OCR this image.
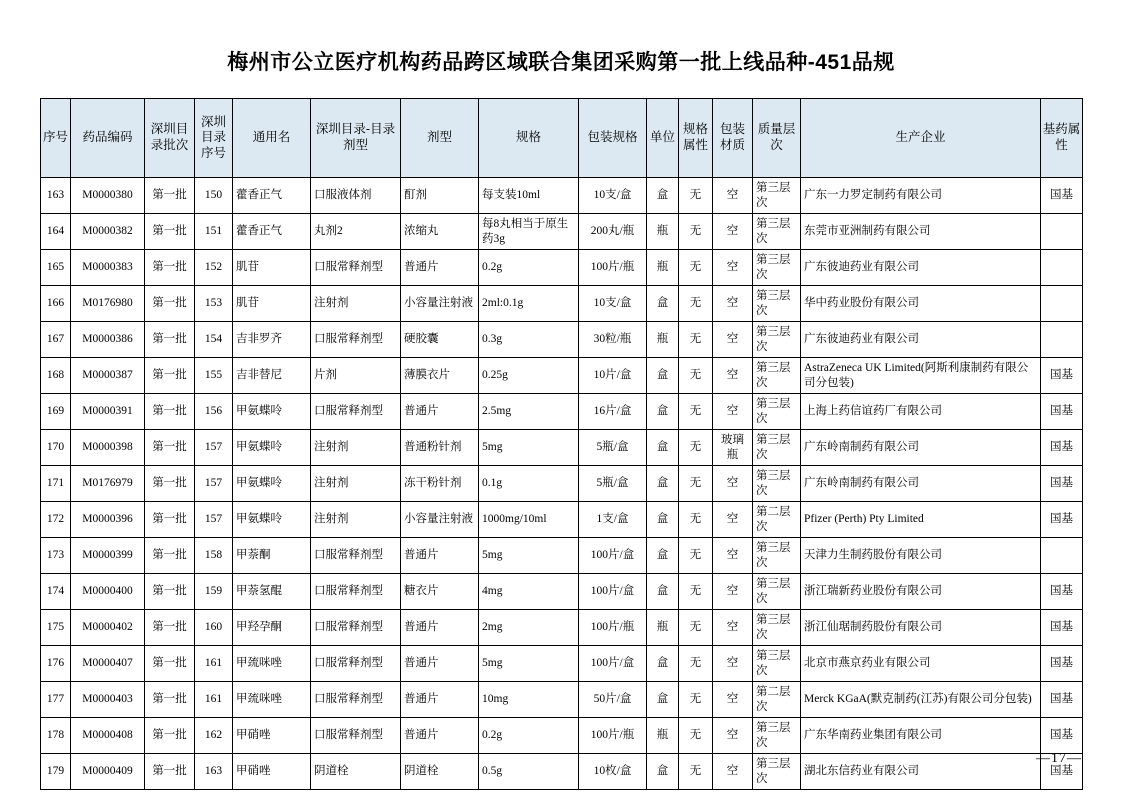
梅州市公立医疗机构药品跨区域联合集团采购第一批上线品种-451品规
序号	药品编码	深圳目录批次	深圳目录序号	通用名	深圳目录-目录剂型	剂型	规格	包装规格	单位	规格属性	包装材质	质量层次	生产企业	基药属性
163	M0000380	第一批	150	藿香正气	口服液体剂	酊剂	每支装10ml	10支/盒	盒	无	空	第三层次	广东一力罗定制药有限公司	国基
164	M0000382	第一批	151	藿香正气	丸剂2	浓缩丸	每8丸相当于原生药3g	200丸/瓶	瓶	无	空	第三层次	东莞市亚洲制药有限公司	
165	M0000383	第一批	152	肌苷	口服常释剂型	普通片	0.2g	100片/瓶	瓶	无	空	第三层次	广东彼迪药业有限公司	
166	M0176980	第一批	153	肌苷	注射剂	小容量注射液	2ml:0.1g	10支/盒	盒	无	空	第三层次	华中药业股份有限公司	
167	M0000386	第一批	154	吉非罗齐	口服常释剂型	硬胶囊	0.3g	30粒/瓶	瓶	无	空	第三层次	广东彼迪药业有限公司	
168	M0000387	第一批	155	吉非替尼	片剂	薄膜衣片	0.25g	10片/盒	盒	无	空	第三层次	AstraZeneca UK Limited(阿斯利康制药有限公司分包装)	国基
169	M0000391	第一批	156	甲氨蝶呤	口服常释剂型	普通片	2.5mg	16片/盒	盒	无	空	第三层次	上海上药信谊药厂有限公司	国基
170	M0000398	第一批	157	甲氨蝶呤	注射剂	普通粉针剂	5mg	5瓶/盒	盒	无	玻璃瓶	第三层次	广东岭南制药有限公司	国基
171	M0176979	第一批	157	甲氨蝶呤	注射剂	冻干粉针剂	0.1g	5瓶/盒	盒	无	空	第三层次	广东岭南制药有限公司	国基
172	M0000396	第一批	157	甲氨蝶呤	注射剂	小容量注射液	1000mg/10ml	1支/盒	盒	无	空	第二层次	Pfizer (Perth) Pty Limited	国基
173	M0000399	第一批	158	甲萘酮	口服常释剂型	普通片	5mg	100片/盒	盒	无	空	第三层次	天津力生制药股份有限公司	
174	M0000400	第一批	159	甲萘氢醌	口服常释剂型	糖衣片	4mg	100片/盒	盒	无	空	第三层次	浙江瑞新药业股份有限公司	国基
175	M0000402	第一批	160	甲羟孕酮	口服常释剂型	普通片	2mg	100片/瓶	瓶	无	空	第三层次	浙江仙琚制药股份有限公司	国基
176	M0000407	第一批	161	甲巯咪唑	口服常释剂型	普通片	5mg	100片/盒	盒	无	空	第三层次	北京市燕京药业有限公司	国基
177	M0000403	第一批	161	甲巯咪唑	口服常释剂型	普通片	10mg	50片/盒	盒	无	空	第二层次	Merck KGaA(默克制药(江苏)有限公司分包装)	国基
178	M0000408	第一批	162	甲硝唑	口服常释剂型	普通片	0.2g	100片/瓶	瓶	无	空	第三层次	广东华南药业集团有限公司	国基
179	M0000409	第一批	163	甲硝唑	阴道栓	阴道栓	0.5g	10枚/盒	盒	无	空	第三层次	湖北东信药业有限公司	国基
—17—
